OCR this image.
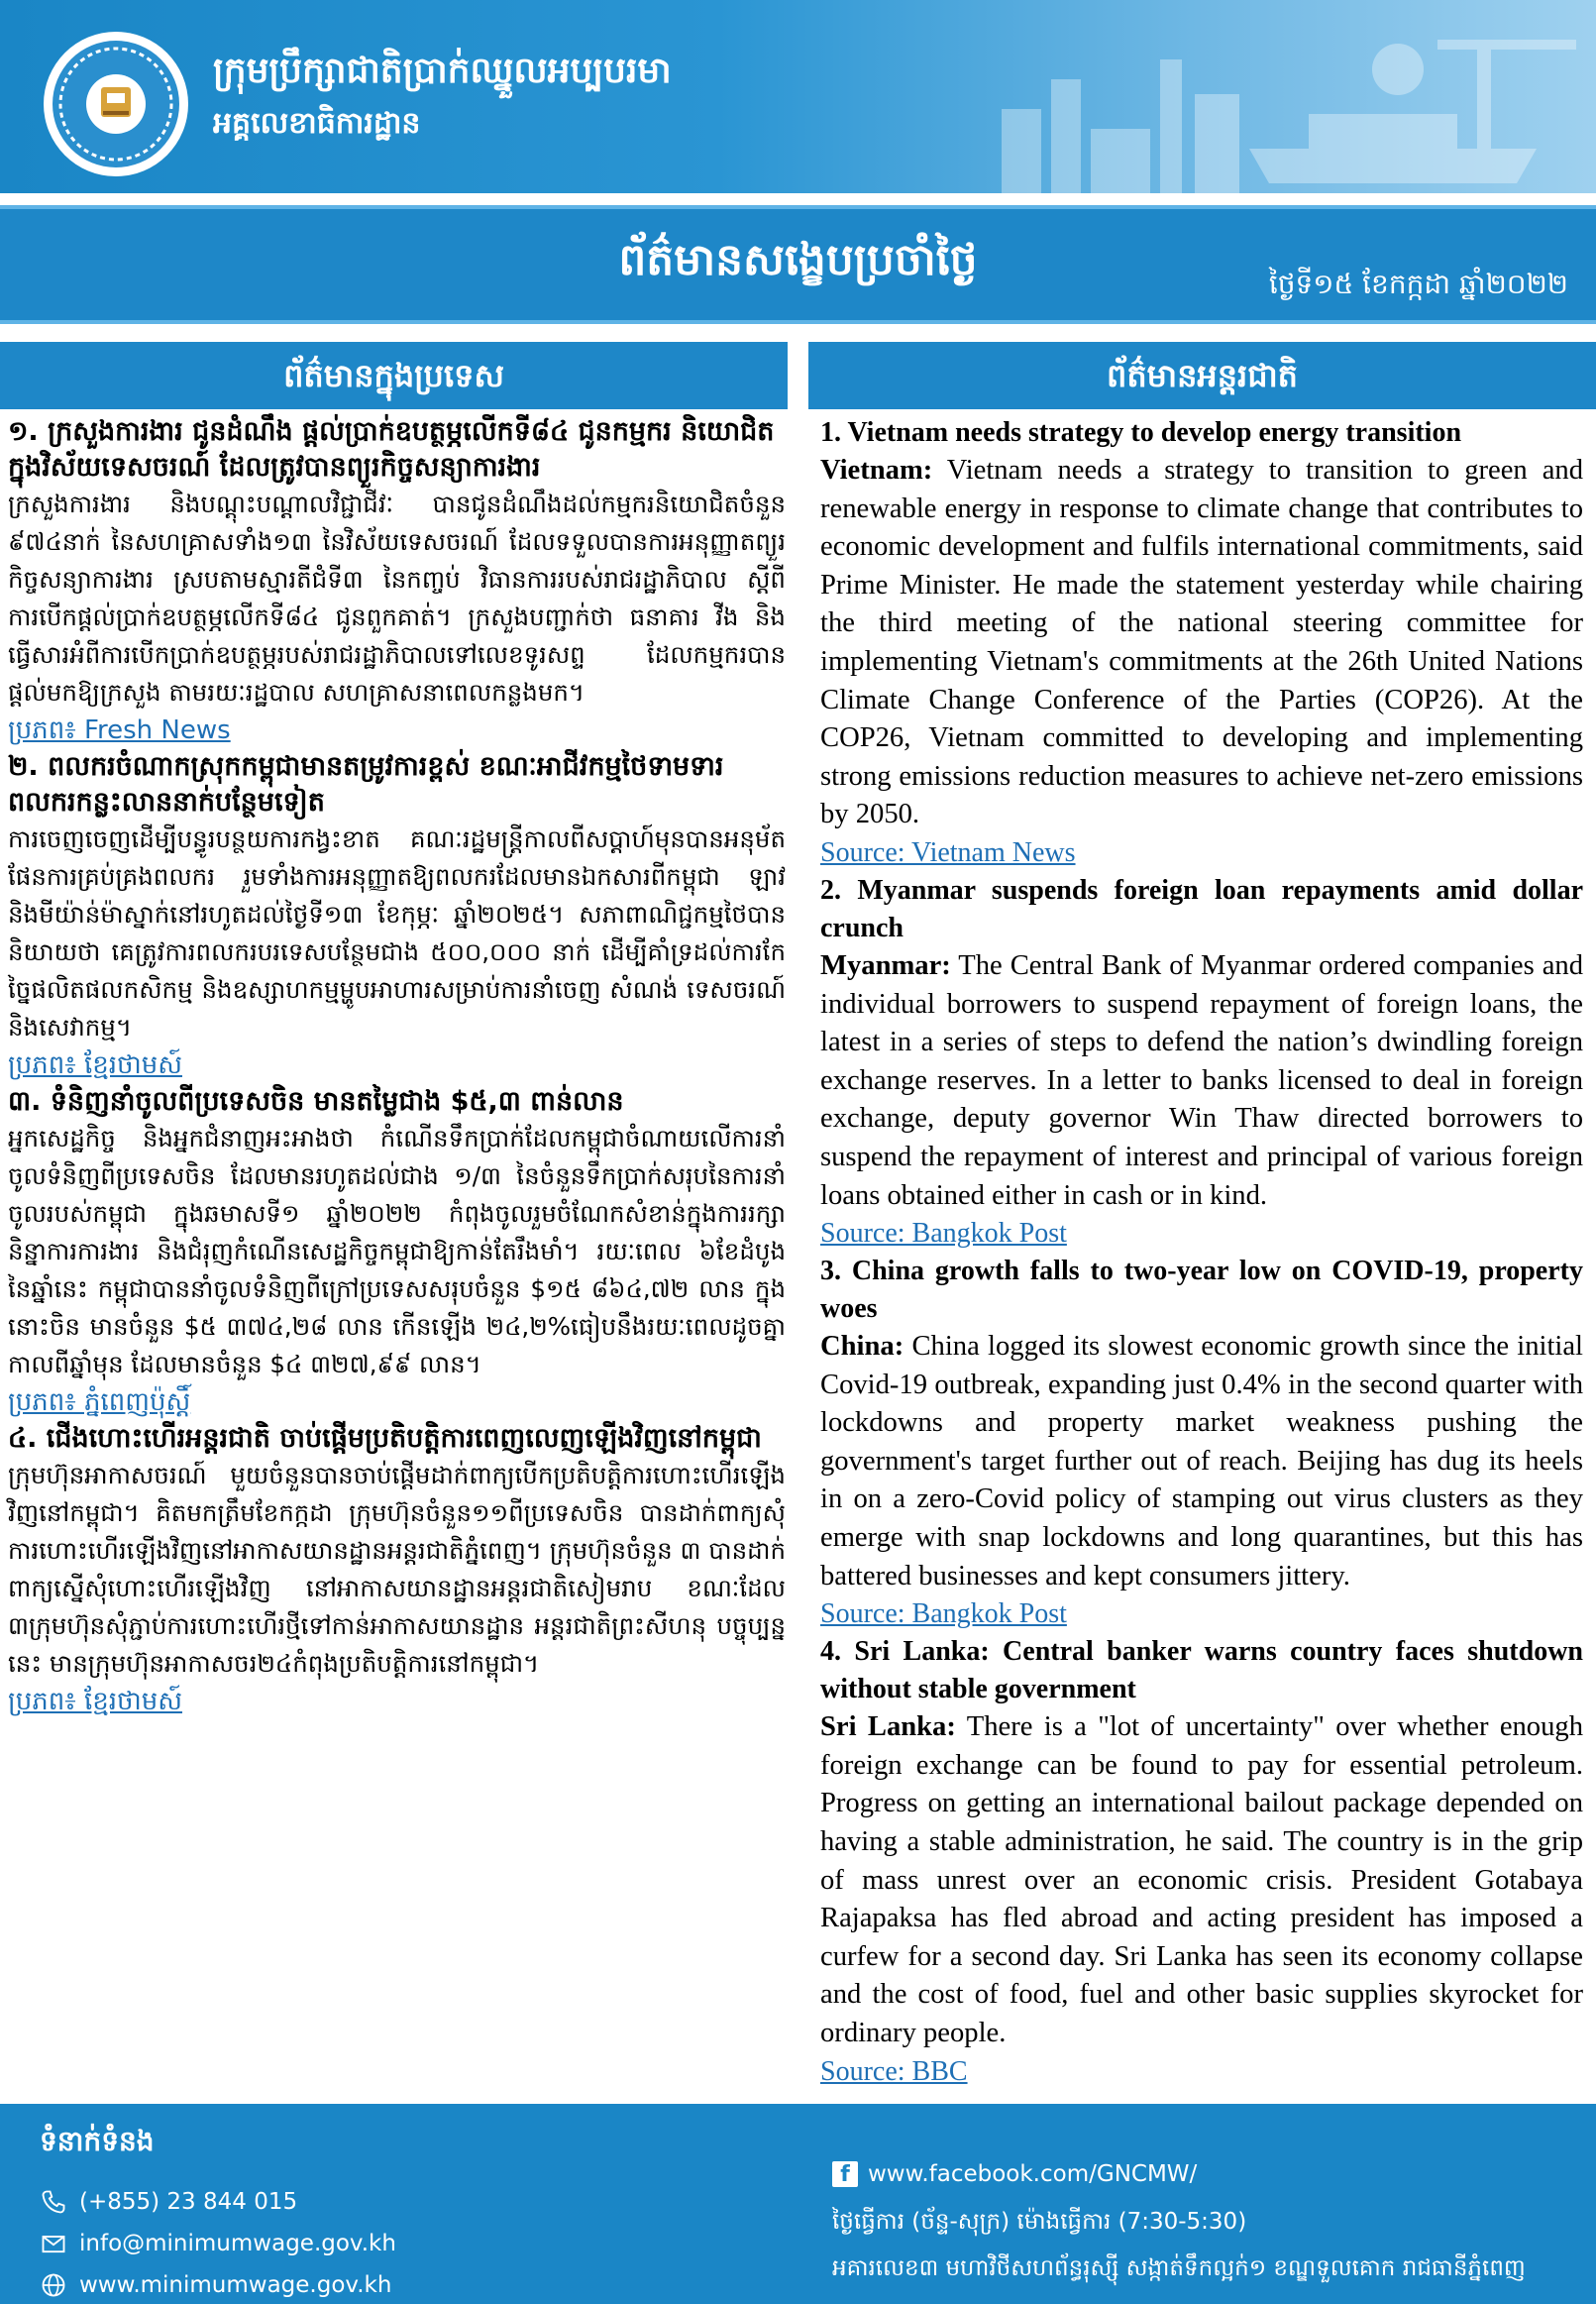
ក្រុមប្រឹក្សាជាតិប្រាក់ឈ្នួលអប្បបរមា
អគ្គលេខាធិការដ្ឋាន
ព័ត៌មានសង្ខេបប្រចាំថ្ងៃ	ថ្ងៃទី១៥ ខែកក្កដា ឆ្នាំ២០២២
ព័ត៌មានក្នុងប្រទេស	ព័ត៌មានអន្តរជាតិ
១. ក្រសួងការងារ ជូនដំណឹង ផ្ដល់ប្រាក់ឧបត្ថម្ភលើកទី៨៤ ជូនកម្មករ និយោជិតក្នុងវិស័យទេសចរណ៍ ដែលត្រូវបានព្យួរកិច្ចសន្យាការងារ

ក្រសួងការងារ និងបណ្ដុះបណ្ដាលវិជ្ជាជីវៈ បានជូនដំណឹងដល់កម្មករនិយោជិតចំនួន ៩៧៤នាក់ នៃសហគ្រាសទាំង១៣ នៃវិស័យទេសចរណ៍ ដែលទទួលបានការអនុញ្ញាតព្យួរកិច្ចសន្យាការងារ ស្របតាមស្មារតីជំទី៣ នៃកញ្ចប់ វិធានការរបស់រាជរដ្ឋាភិបាល ស្ដីពីការបើកផ្ដល់ប្រាក់ឧបត្ថម្ភលើកទី៨៤ ជូនពួកគាត់។ ក្រសួងបញ្ជាក់ថា ធនាគារ វីង និងធ្វើសារអំពីការបើកប្រាក់ឧបត្ថម្ភរបស់រាជរដ្ឋាភិបាលទៅលេខទូរសព្ទ ដែលកម្មករបានផ្ដល់មកឱ្យក្រសួង តាមរយៈរដ្ឋបាល សហគ្រាសនាពេលកន្លងមក។

ប្រភព៖ Fresh News
២. ពលករចំណាកស្រុកកម្ពុជាមានតម្រូវការខ្ពស់ ខណៈអាជីវកម្មថៃទាមទារពលករកន្លះលាននាក់បន្ថែមទៀត

ការចេញចេញដើម្បីបន្ធូរបន្ថយការកង្វះខាត គណៈរដ្ឋមន្ត្រីកាលពីសប្ដាហ៍មុនបានអនុម័តផែនការគ្រប់គ្រងពលករ រួមទាំងការអនុញ្ញាតឱ្យពលករដែលមានឯកសារពីកម្ពុជា ឡាវ និងមីយ៉ាន់ម៉ាស្នាក់នៅរហូតដល់ថ្ងៃទី១៣ ខែកុម្ភៈ ឆ្នាំ២០២៥។ សភាពាណិជ្ជកម្មថៃបាននិយាយថា គេត្រូវការពលករបរទេសបន្ថែមជាង ៥០០,០០០ នាក់ ដើម្បីគាំទ្រដល់ការកែច្នៃផលិតផលកសិកម្ម និងឧស្សាហកម្មម្ហូបអាហារសម្រាប់ការនាំចេញ សំណង់ ទេសចរណ៍ និងសេវាកម្ម។

ប្រភព៖ ខ្មែរថាមស៍
៣. ទំនិញនាំចូលពីប្រទេសចិន មានតម្លៃជាង $៥,៣ ពាន់លាន

អ្នកសេដ្ឋកិច្ច និងអ្នកជំនាញអះអាងថា កំណើនទឹកប្រាក់ដែលកម្ពុជាចំណាយលើការនាំចូលទំនិញពីប្រទេសចិន ដែលមានរហូតដល់ជាង ១/៣ នៃចំនួនទឹកប្រាក់សរុបនៃការនាំចូលរបស់កម្ពុជា ក្នុងឆមាសទី១ ឆ្នាំ២០២២ កំពុងចូលរួមចំណែកសំខាន់ក្នុងការរក្សានិន្នាការការងារ និងជំរុញកំណើនសេដ្ឋកិច្ចកម្ពុជាឱ្យកាន់តែរឹងមាំ។ រយៈពេល ៦ខែដំបូង នៃឆ្នាំនេះ កម្ពុជាបាននាំចូលទំនិញពីក្រៅប្រទេសសរុបចំនួន $១៥ ៨៦៤,៧២ លាន ក្នុងនោះចិន មានចំនួន $៥ ៣៧៤,២៨ លាន កើនឡើង ២៤,២%ធៀបនឹងរយៈពេលដូចគ្នាកាលពីឆ្នាំមុន ដែលមានចំនួន $៤ ៣២៧,៩៩ លាន។

ប្រភព៖ ភ្នំពេញប៉ុស្តិ៍
៤. ជើងហោះហើរអន្តរជាតិ ចាប់ផ្ដើមប្រតិបត្តិការពេញលេញឡើងវិញនៅកម្ពុជា

ក្រុមហ៊ុនអាកាសចរណ៍ មួយចំនួនបានចាប់ផ្ដើមដាក់ពាក្យបើកប្រតិបត្តិការហោះហើរឡើងវិញនៅកម្ពុជា។ គិតមកត្រឹមខែកក្កដា ក្រុមហ៊ុនចំនួន១១ពីប្រទេសចិន បានដាក់ពាក្យសុំការហោះហើរឡើងវិញនៅអាកាសយានដ្ឋានអន្តរជាតិភ្នំពេញ។ ក្រុមហ៊ុនចំនួន ៣ បានដាក់ពាក្យស្នើសុំហោះហើរឡើងវិញ នៅអាកាសយានដ្ឋានអន្តរជាតិសៀមរាប ខណៈដែល ៣ក្រុមហ៊ុនសុំភ្ជាប់ការហោះហើរថ្មីទៅកាន់អាកាសយានដ្ឋាន អន្តរជាតិព្រះសីហនុ បច្ចុប្បន្ននេះ មានក្រុមហ៊ុនអាកាសចរ២៤កំពុងប្រតិបត្តិការនៅកម្ពុជា។

ប្រភព៖ ខ្មែរថាមស៍
1. Vietnam needs strategy to develop energy transition

Vietnam: Vietnam needs a strategy to transition to green and renewable energy in response to climate change that contributes to economic development and fulfils international commitments, said Prime Minister. He made the statement yesterday while chairing the third meeting of the national steering committee for implementing Vietnam's commitments at the 26th United Nations Climate Change Conference of the Parties (COP26). At the COP26, Vietnam committed to developing and implementing strong emissions reduction measures to achieve net-zero emissions by 2050.

Source: Vietnam News
2. Myanmar suspends foreign loan repayments amid dollar crunch

Myanmar: The Central Bank of Myanmar ordered companies and individual borrowers to suspend repayment of foreign loans, the latest in a series of steps to defend the nation’s dwindling foreign exchange reserves. In a letter to banks licensed to deal in foreign exchange, deputy governor Win Thaw directed borrowers to suspend the repayment of interest and principal of various foreign loans obtained either in cash or in kind.

Source: Bangkok Post
3. China growth falls to two-year low on COVID-19, property woes

China: China logged its slowest economic growth since the initial Covid-19 outbreak, expanding just 0.4% in the second quarter with lockdowns and property market weakness pushing the government's target further out of reach. Beijing has dug its heels in on a zero-Covid policy of stamping out virus clusters as they emerge with snap lockdowns and long quarantines, but this has battered businesses and kept consumers jittery.

Source: Bangkok Post
4. Sri Lanka: Central banker warns country faces shutdown without stable government

Sri Lanka: There is a "lot of uncertainty" over whether enough foreign exchange can be found to pay for essential petroleum. Progress on getting an international bailout package depended on having a stable administration, he said. The country is in the grip of mass unrest over an economic crisis. President Gotabaya Rajapaksa has fled abroad and acting president has imposed a curfew for a second day. Sri Lanka has seen its economy collapse and the cost of food, fuel and other basic supplies skyrocket for ordinary people.

Source: BBC
ទំនាក់ទំនង
(+855) 23 844 015
info@minimumwage.gov.kh
www.minimumwage.gov.kh
f www.facebook.com/GNCMW/
ថ្ងៃធ្វើការ (ច័ន្ទ-សុក្រ) ម៉ោងធ្វើការ (7:30-5:30)
អគារលេខ៣ មហាវិថីសហព័ន្ធរុស្ស៊ី សង្កាត់ទឹកល្អក់១ ខណ្ឌទួលគោក រាជធានីភ្នំពេញ
